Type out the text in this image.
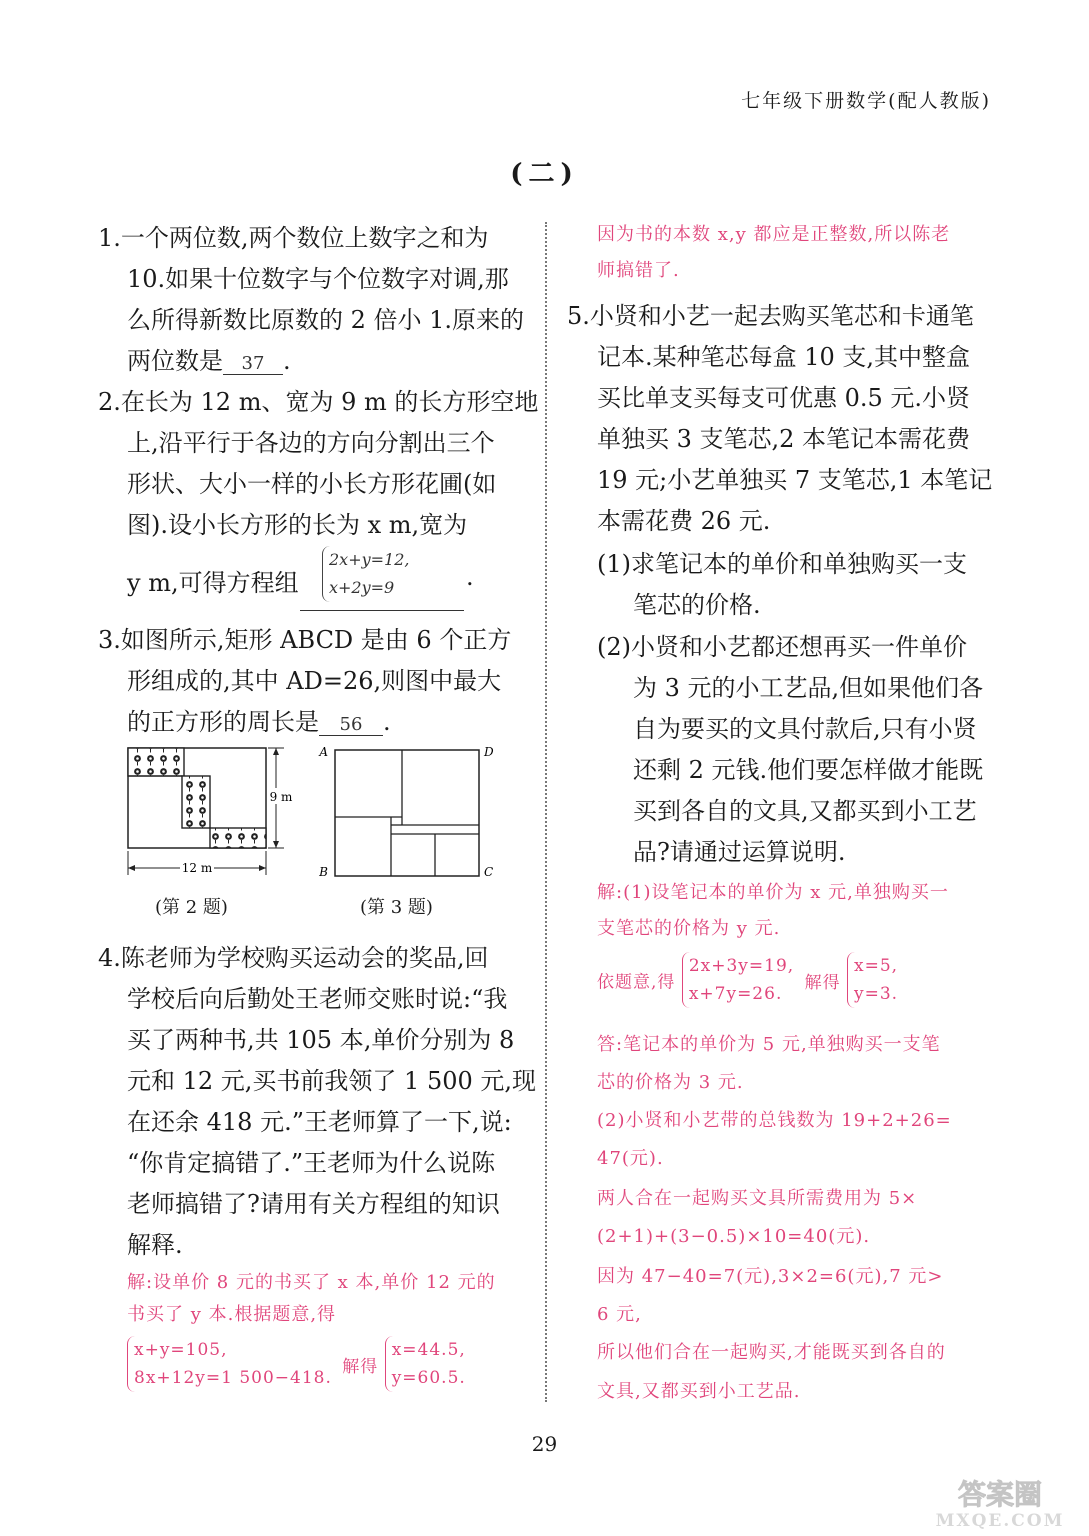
七年级下册数学(配人教版)
(二)
1.一个两位数,两个数位上数字之和为
10.如果十位数字与个位数字对调,那
么所得新数比原数的 2 倍小 1.原来的
两位数是 37 .
2.在长为 12 m、宽为 9 m 的长方形空地
上,沿平行于各边的方向分割出三个
形状、大小一样的小长方形花圃(如
图).设小长方形的长为 x m,宽为
y m,可得方程组
2x+y=12,
x+2y=9	.
3.如图所示,矩形 ABCD 是由 6 个正方
形组成的,其中 AD=26,则图中最大
的正方形的周长是 56 .
9 m
12 m
(第 2 题)
A	D
B	C
(第 3 题)
4.陈老师为学校购买运动会的奖品,回
学校后向后勤处王老师交账时说:“我
买了两种书,共 105 本,单价分别为 8
元和 12 元,买书前我领了 1 500 元,现
在还余 418 元.”王老师算了一下,说:
“你肯定搞错了.”王老师为什么说陈
老师搞错了?请用有关方程组的知识
解释.
解:设单价 8 元的书买了 x 本,单价 12 元的
书买了 y 本.根据题意,得
x+y=105,
8x+12y=1 500−418.
解得
x=44.5,
y=60.5.
因为书的本数 x,y 都应是正整数,所以陈老
师搞错了.
5.小贤和小艺一起去购买笔芯和卡通笔
记本.某种笔芯每盒 10 支,其中整盒
买比单支买每支可优惠 0.5 元.小贤
单独买 3 支笔芯,2 本笔记本需花费
19 元;小艺单独买 7 支笔芯,1 本笔记
本需花费 26 元.
(1)求笔记本的单价和单独购买一支
笔芯的价格.
(2)小贤和小艺都还想再买一件单价
为 3 元的小工艺品,但如果他们各
自为要买的文具付款后,只有小贤
还剩 2 元钱.他们要怎样做才能既
买到各自的文具,又都买到小工艺
品?请通过运算说明.
解:(1)设笔记本的单价为 x 元,单独购买一
支笔芯的价格为 y 元.
依题意,得
2x+3y=19,
x+7y=26.
解得
x=5,
y=3.
答:笔记本的单价为 5 元,单独购买一支笔
芯的价格为 3 元.
(2)小贤和小艺带的总钱数为 19+2+26=
47(元).
两人合在一起购买文具所需费用为 5×
(2+1)+(3−0.5)×10=40(元).
因为 47−40=7(元),3×2=6(元),7 元>
6 元,
所以他们合在一起购买,才能既买到各自的
文具,又都买到小工艺品.
29
答案圈
MXQE.COM
